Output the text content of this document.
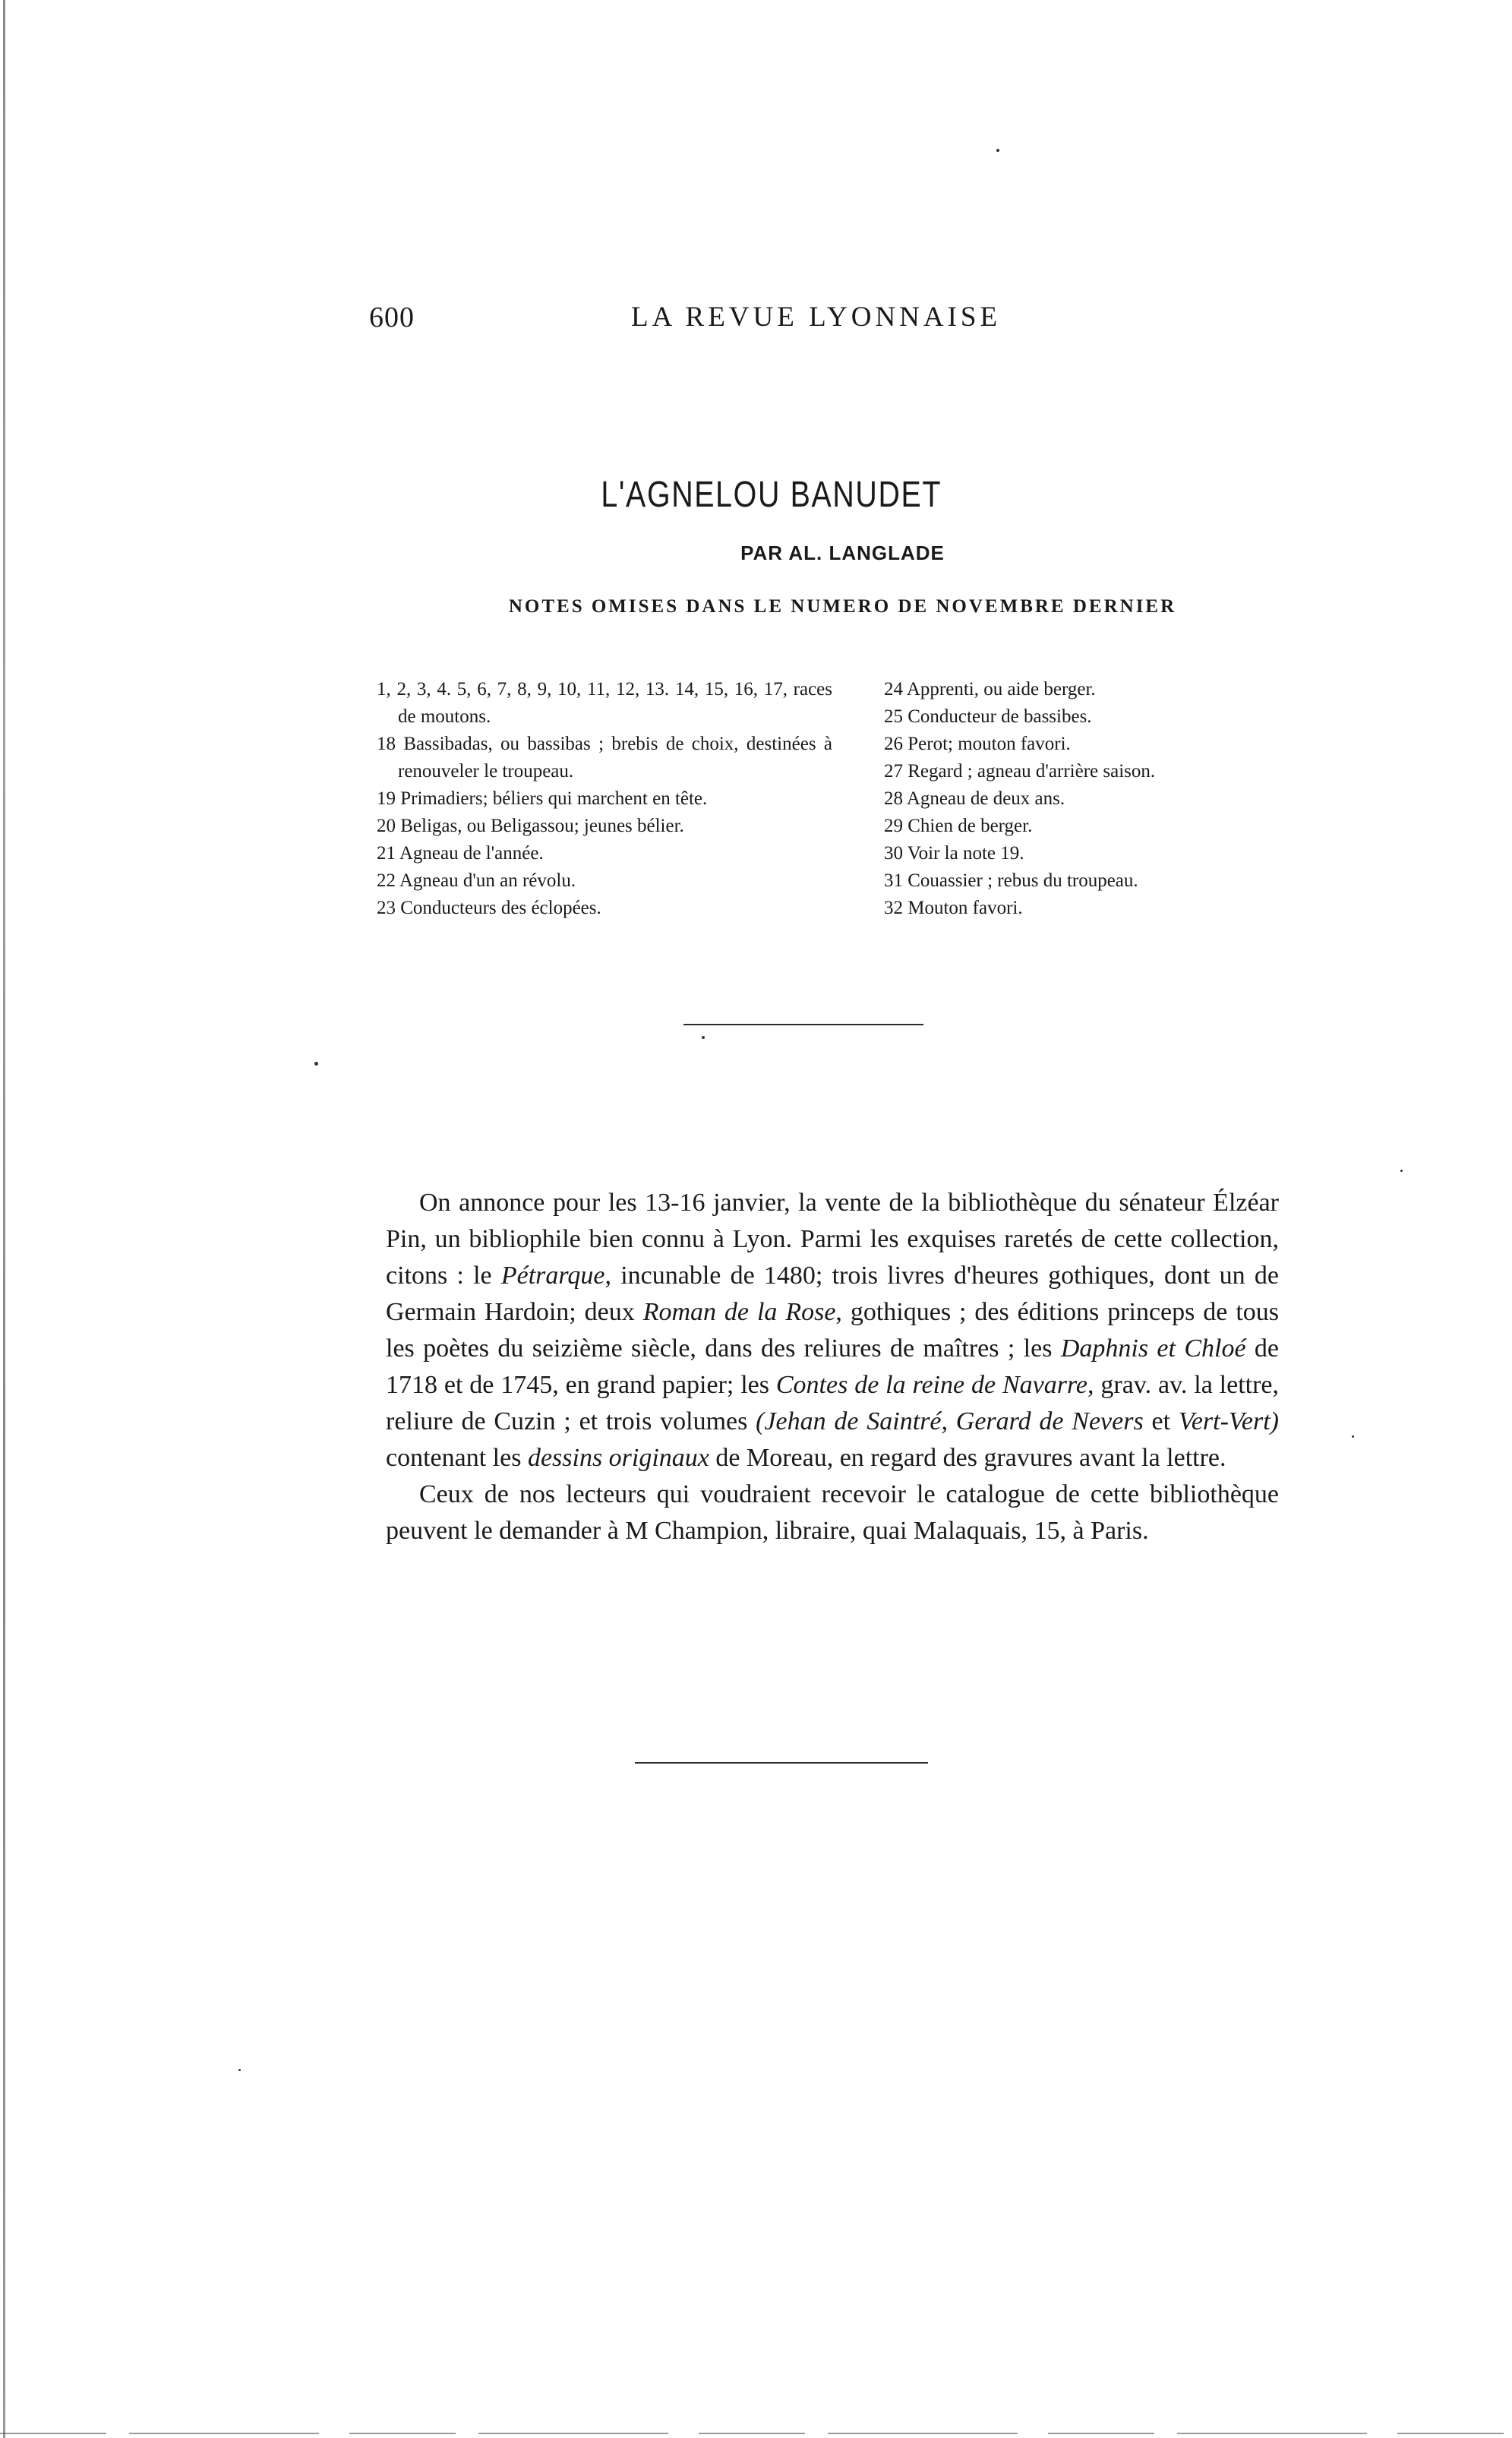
600	LA REVUE LYONNAISE
L'AGNELOU BANUDET
PAR AL. LANGLADE
NOTES OMISES DANS LE NUMERO DE NOVEMBRE DERNIER

1, 2, 3, 4. 5, 6, 7, 8, 9, 10, 11, 12, 13. 14, 15, 16, 17, races de moutons.

18 Bassibadas, ou bassibas ; brebis de choix, destinées à renouveler le troupeau.

19 Primadiers; béliers qui marchent en tête.

20 Beligas, ou Beligassou; jeunes bélier.

21 Agneau de l'année.

22 Agneau d'un an révolu.

23 Conducteurs des éclopées.

24 Apprenti, ou aide berger.

25 Conducteur de bassibes.

26 Perot; mouton favori.

27 Regard ; agneau d'arrière saison.

28 Agneau de deux ans.

29 Chien de berger.

30 Voir la note 19.

31 Couassier ; rebus du troupeau.

32 Mouton favori.

On annonce pour les 13-16 janvier, la vente de la bibliothèque du sénateur Élzéar Pin, un bibliophile bien connu à Lyon. Parmi les exquises raretés de cette collection, citons : le Pétrarque, incunable de 1480; trois livres d'heures gothiques, dont un de Germain Hardoin; deux Roman de la Rose, gothiques ; des éditions princeps de tous les poètes du seizième siècle, dans des reliures de maîtres ; les Daphnis et Chloé de 1718 et de 1745, en grand papier; les Contes de la reine de Navarre, grav. av. la lettre, reliure de Cuzin ; et trois volumes (Jehan de Saintré, Gerard de Nevers et Vert-Vert) contenant les dessins originaux de Moreau, en regard des gravures avant la lettre.

Ceux de nos lecteurs qui voudraient recevoir le catalogue de cette bibliothèque peuvent le demander à M Champion, libraire, quai Malaquais, 15, à Paris.
